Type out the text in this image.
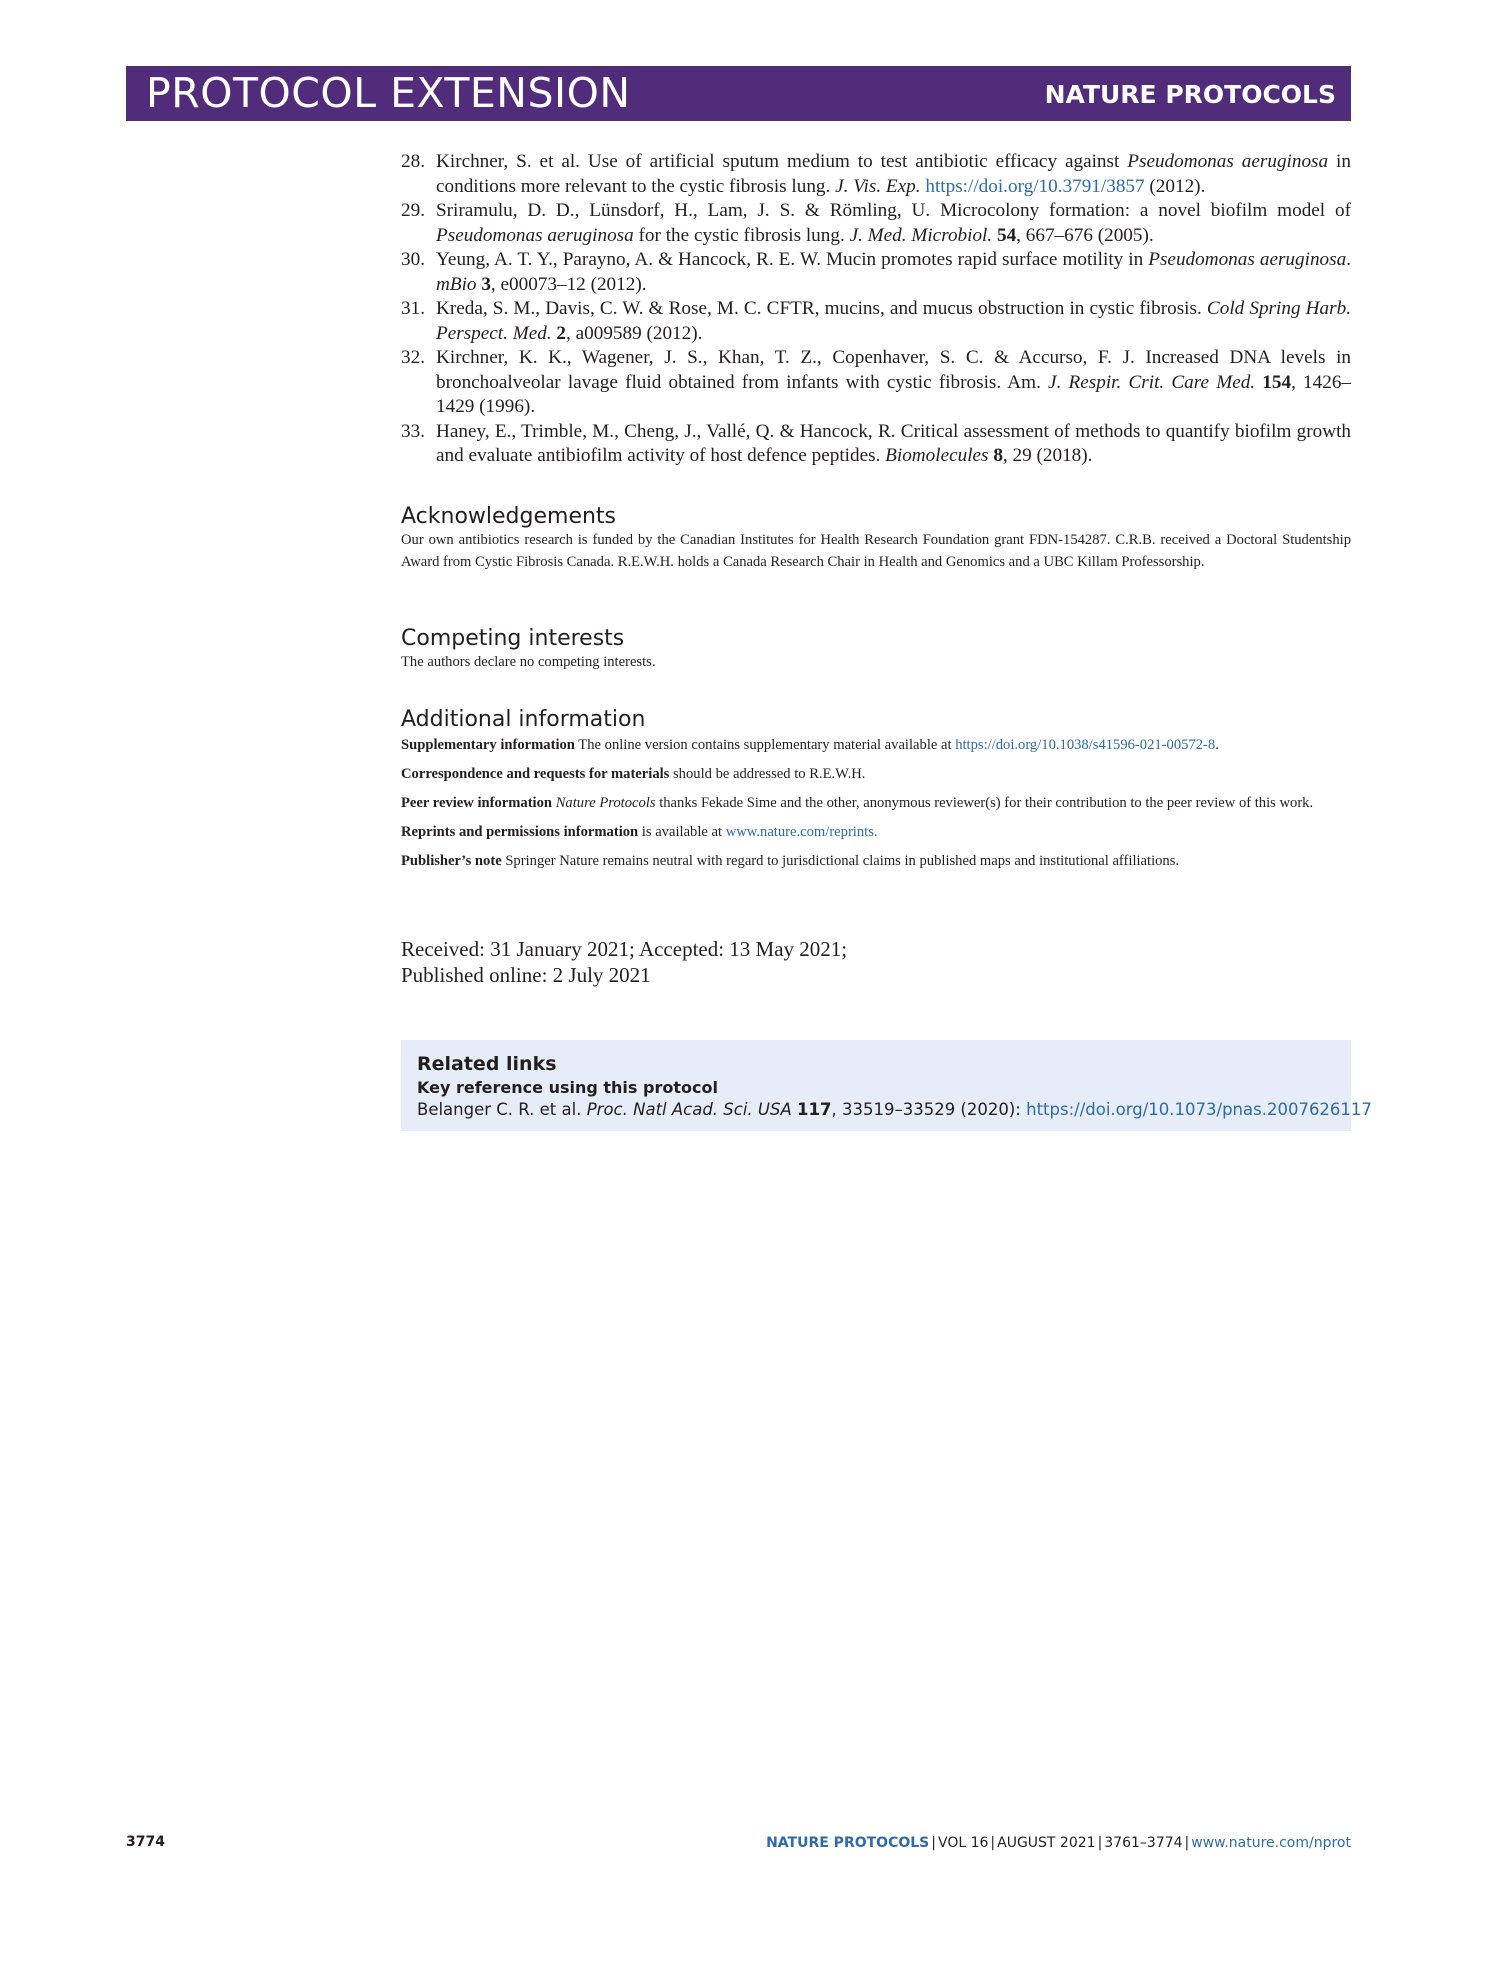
PROTOCOL EXTENSION	NATURE PROTOCOLS
28. Kirchner, S. et al. Use of artificial sputum medium to test antibiotic efficacy against Pseudomonas aeruginosa in conditions more relevant to the cystic fibrosis lung. J. Vis. Exp. https://doi.org/10.3791/3857 (2012).
29. Sriramulu, D. D., Lünsdorf, H., Lam, J. S. & Römling, U. Microcolony formation: a novel biofilm model of Pseudomonas aeruginosa for the cystic fibrosis lung. J. Med. Microbiol. 54, 667–676 (2005).
30. Yeung, A. T. Y., Parayno, A. & Hancock, R. E. W. Mucin promotes rapid surface motility in Pseudomonas aeruginosa. mBio 3, e00073–12 (2012).
31. Kreda, S. M., Davis, C. W. & Rose, M. C. CFTR, mucins, and mucus obstruction in cystic fibrosis. Cold Spring Harb. Perspect. Med. 2, a009589 (2012).
32. Kirchner, K. K., Wagener, J. S., Khan, T. Z., Copenhaver, S. C. & Accurso, F. J. Increased DNA levels in bronchoalveolar lavage fluid obtained from infants with cystic fibrosis. Am. J. Respir. Crit. Care Med. 154, 1426–1429 (1996).
33. Haney, E., Trimble, M., Cheng, J., Vallé, Q. & Hancock, R. Critical assessment of methods to quantify biofilm growth and evaluate antibiofilm activity of host defence peptides. Biomolecules 8, 29 (2018).
Acknowledgements
Our own antibiotics research is funded by the Canadian Institutes for Health Research Foundation grant FDN-154287. C.R.B. received a Doctoral Studentship Award from Cystic Fibrosis Canada. R.E.W.H. holds a Canada Research Chair in Health and Genomics and a UBC Killam Professorship.
Competing interests
The authors declare no competing interests.
Additional information

Supplementary information The online version contains supplementary material available at https://doi.org/10.1038/s41596-021-00572-8.

Correspondence and requests for materials should be addressed to R.E.W.H.

Peer review information Nature Protocols thanks Fekade Sime and the other, anonymous reviewer(s) for their contribution to the peer review of this work.

Reprints and permissions information is available at www.nature.com/reprints.

Publisher’s note Springer Nature remains neutral with regard to jurisdictional claims in published maps and institutional affiliations.

Received: 31 January 2021; Accepted: 13 May 2021;
Published online: 2 July 2021
Related links
Key reference using this protocol
Belanger C. R. et al. Proc. Natl Acad. Sci. USA 117, 33519–33529 (2020): https://doi.org/10.1073/pnas.2007626117
3774	NATURE PROTOCOLS | VOL 16 | AUGUST 2021 | 3761–3774 | www.nature.com/nprot
